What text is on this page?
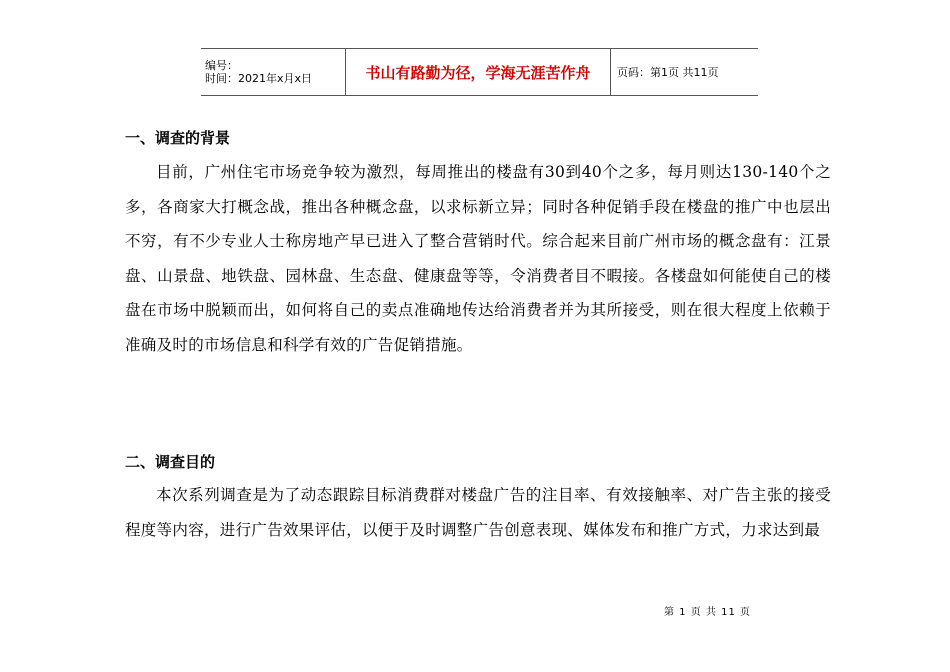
编号：
时间：2021年x月x日	书山有路勤为径，学海无涯苦作舟	页码：第1页 共11页
一、调查的背景

目前，广州住宅市场竞争较为激烈，每周推出的楼盘有30到40个之多，每月则达130-140个之多，各商家大打概念战，推出各种概念盘，以求标新立异；同时各种促销手段在楼盘的推广中也层出不穷，有不少专业人士称房地产早已进入了整合营销时代。综合起来目前广州市场的概念盘有：江景盘、山景盘、地铁盘、园林盘、生态盘、健康盘等等，令消费者目不暇接。各楼盘如何能使自己的楼盘在市场中脱颖而出，如何将自己的卖点准确地传达给消费者并为其所接受，则在很大程度上依赖于准确及时的市场信息和科学有效的广告促销措施。

二、调查目的

本次系列调查是为了动态跟踪目标消费群对楼盘广告的注目率、有效接触率、对广告主张的接受程度等内容，进行广告效果评估，以便于及时调整广告创意表现、媒体发布和推广方式，力求达到最

第 1 页 共 11 页
